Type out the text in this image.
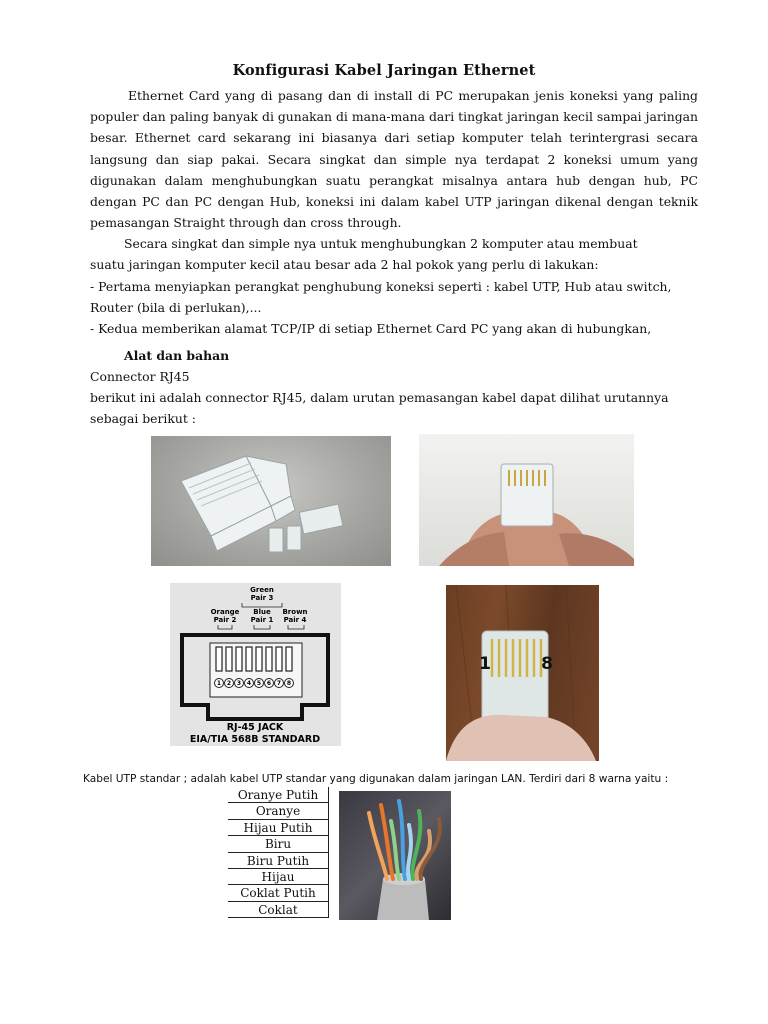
Konfigurasi Kabel Jaringan Ethernet

Ethernet Card yang di pasang dan di install di PC merupakan jenis koneksi yang paling populer dan paling banyak di gunakan di mana-mana dari tingkat jaringan kecil sampai jaringan besar. Ethernet card sekarang ini biasanya dari setiap komputer telah terintergrasi secara langsung dan siap pakai. Secara singkat dan simple nya terdapat 2 koneksi umum yang digunakan dalam menghubungkan suatu perangkat misalnya antara hub dengan hub, PC dengan PC dan PC dengan Hub, koneksi ini dalam kabel UTP jaringan dikenal dengan teknik pemasangan Straight through dan cross through.

Secara singkat dan simple nya untuk menghubungkan 2 komputer atau membuat
suatu jaringan komputer kecil atau besar ada 2 hal pokok yang perlu di lakukan:
- Pertama menyiapkan perangkat penghubung koneksi seperti : kabel UTP, Hub atau switch,
Router (bila di perlukan),...
- Kedua memberikan alamat TCP/IP di setiap Ethernet Card PC yang akan di hubungkan,
Alat dan bahan
Connector RJ45
berikut ini adalah connector RJ45, dalam urutan pemasangan kabel dapat dilihat urutannya
sebagai berikut :
Green
Pair 3
Orange
Pair 2
Blue
Pair 1
Brown
Pair 4
1 2 3 4 5 6 7 8
RJ-45 JACK
EIA/TIA 568B STANDARD
1	8
Kabel UTP standar ; adalah kabel UTP standar yang digunakan dalam jaringan LAN. Terdiri dari 8 warna yaitu :
Oranye Putih
Oranye
Hijau Putih
Biru
Biru Putih
Hijau
Coklat Putih
Coklat
